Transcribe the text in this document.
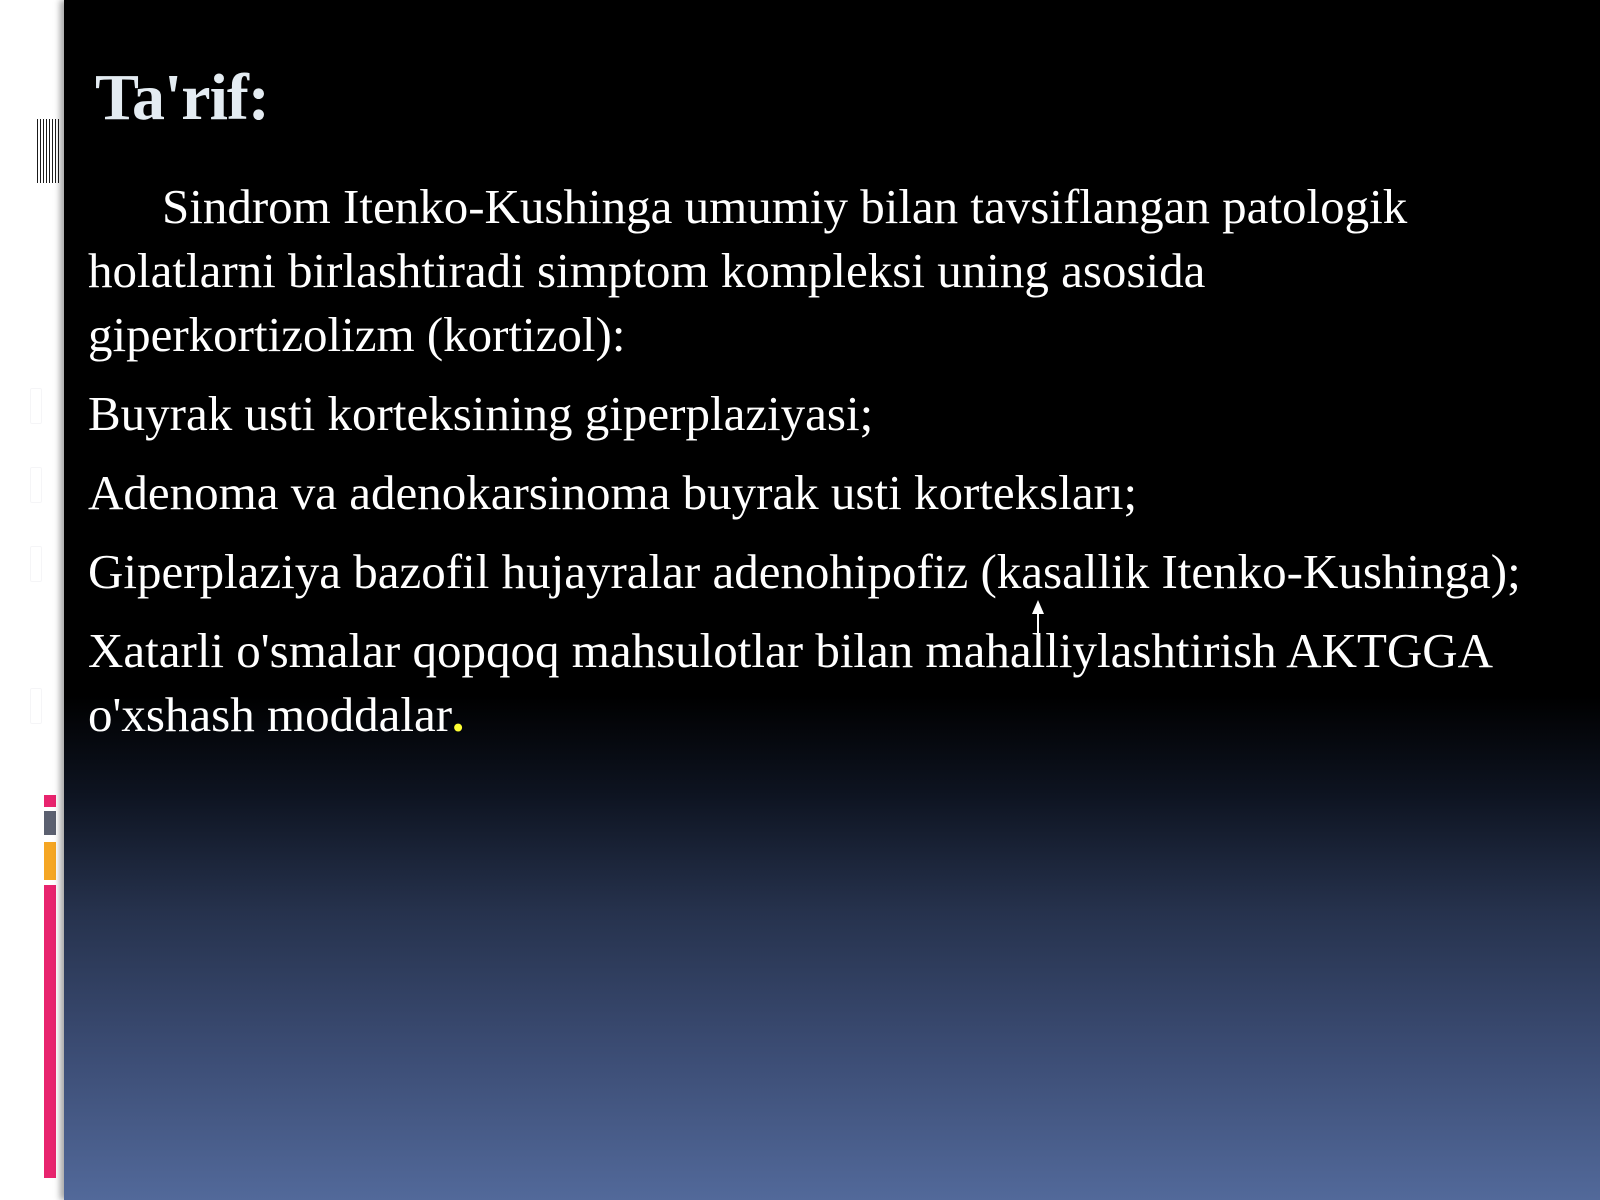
Ta'rif:

Sindrom Itenko-Kushinga umumiy bilan tavsiflangan patologik holatlarni birlashtiradi simptom kompleksi uning asosida giperkortizolizm (kortizol):

Buyrak usti korteksining giperplaziyasi;

Adenoma va adenokarsinoma buyrak usti korteksları;

Giperplaziya bazofil hujayralar adenohipofiz (kasallik Itenko-Kushinga);

Xatarli o'smalar qopqoq mahsulotlar bilan mahalliylashtirish AKTGGA o'xshash moddalar.
